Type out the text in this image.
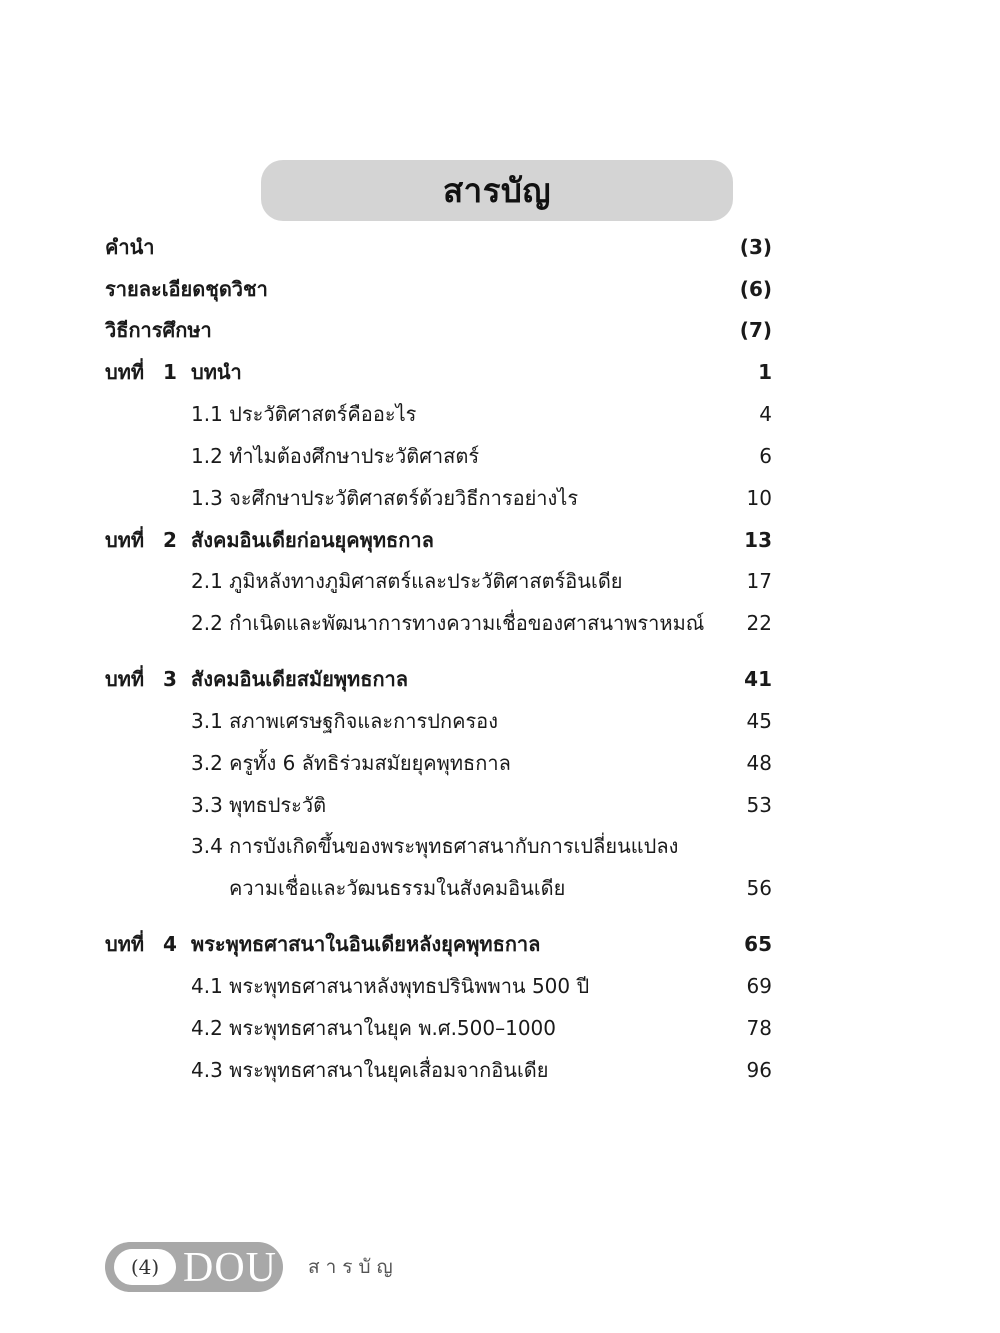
สารบัญ
คำนำ	(3)
รายละเอียดชุดวิชา	(6)
วิธีการศึกษา	(7)
บทที่ 1 บทนำ	1
1.1 ประวัติศาสตร์คืออะไร	4
1.2 ทำไมต้องศึกษาประวัติศาสตร์	6
1.3 จะศึกษาประวัติศาสตร์ด้วยวิธีการอย่างไร	10
บทที่ 2 สังคมอินเดียก่อนยุคพุทธกาล	13
2.1 ภูมิหลังทางภูมิศาสตร์และประวัติศาสตร์อินเดีย	17
2.2 กำเนิดและพัฒนาการทางความเชื่อของศาสนาพราหมณ์ 22
บทที่ 3 สังคมอินเดียสมัยพุทธกาล	41
3.1 สภาพเศรษฐกิจและการปกครอง	45
3.2 ครูทั้ง 6 ลัทธิร่วมสมัยยุคพุทธกาล	48
3.3 พุทธประวัติ	53
3.4 การบังเกิดขึ้นของพระพุทธศาสนากับการเปลี่ยนแปลง
ความเชื่อและวัฒนธรรมในสังคมอินเดีย	56
บทที่ 4 พระพุทธศาสนาในอินเดียหลังยุคพุทธกาล	65
4.1 พระพุทธศาสนาหลังพุทธปรินิพพาน 500 ปี	69
4.2 พระพุทธศาสนาในยุค พ.ศ.500–1000	78
4.3 พระพุทธศาสนาในยุคเสื่อมจากอินเดีย	96
(4) DOU สารบัญ
